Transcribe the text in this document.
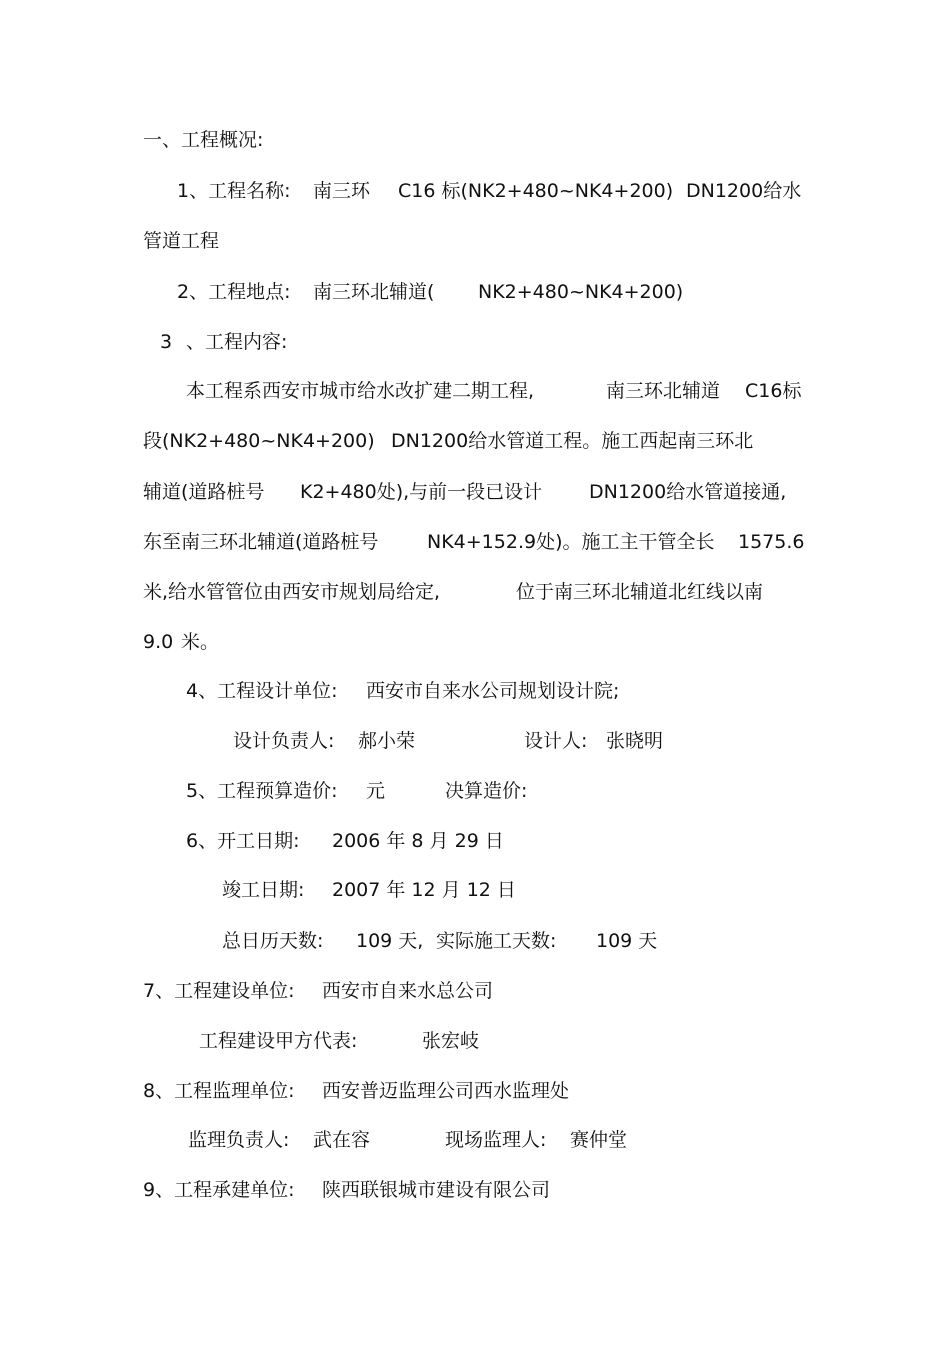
一、工程概况:
1、工程名称: 南三环 C16 标(NK2+480~NK4+200) DN1200给水
管道工程
2、工程地点: 南三环北辅道( NK2+480~NK4+200)
3 、工程内容:
本工程系西安市城市给水改扩建二期工程,	南三环北辅道 C16标
段(NK2+480~NK4+200) DN1200给水管道工程。施工西起南三环北
辅道(道路桩号 K2+480处),与前一段已设计 DN1200给水管道接通,
东至南三环北辅道(道路桩号	NK4+152.9处)。施工主干管全长 1575.6
米,给水管管位由西安市规划局给定,	位于南三环北辅道北红线以南
9.0 米。
4、工程设计单位: 西安市自来水公司规划设计院;
设计负责人: 郝小荣	设计人: 张晓明
5、工程预算造价: 元	决算造价:
6、开工日期: 2006 年 8 月 29 日
竣工日期: 2007 年 12 月 12 日
总日历天数: 109 天, 实际施工天数: 109 天
7、工程建设单位: 西安市自来水总公司
工程建设甲方代表:	张宏岐
8、工程监理单位: 西安普迈监理公司西水监理处
监理负责人: 武在容	现场监理人: 赛仲堂
9、工程承建单位: 陕西联银城市建设有限公司
